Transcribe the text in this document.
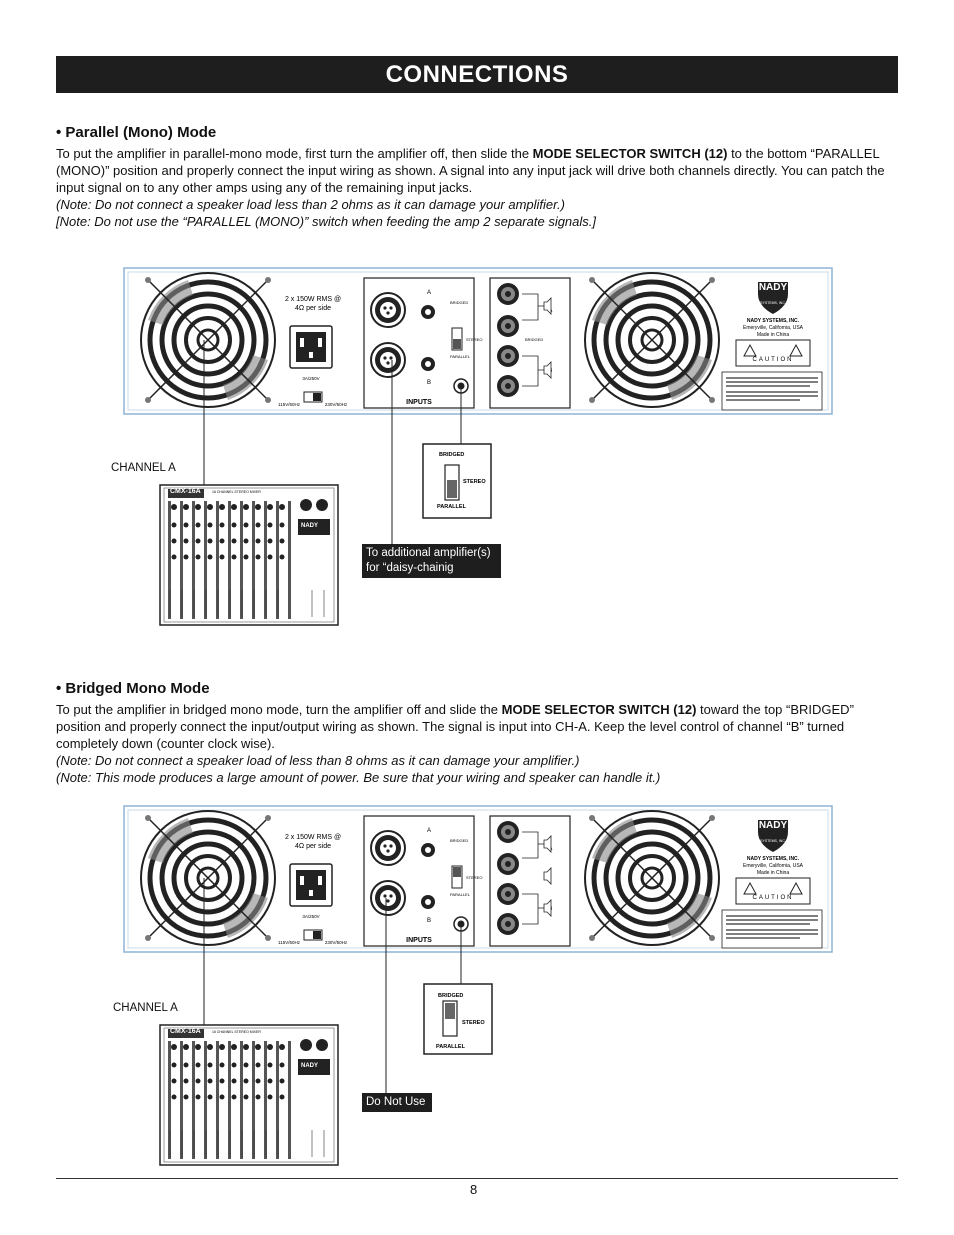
CONNECTIONS
• Parallel (Mono) Mode

To put the amplifier in parallel-mono mode, first turn the amplifier off, then slide the MODE SELECTOR SWITCH (12) to the bottom “PARALLEL (MONO)” position and properly connect the input wiring as shown. A signal into any input jack will drive both channels directly. You can patch the input signal on to any other amps using any of the remaining input jacks.

(Note: Do not connect a speaker load less than 2 ohms as it can damage your amplifier.)

[Note: Do not use the “PARALLEL (MONO)” switch when feeding the amp 2 separate signals.]

2 x 150W RMS @
4Ω per side
3A/250V
115V/60Hz	230V/50Hz
A
B
BRIDGED
STEREO
PARALLEL
INPUTS
BRIDGED
NADY
SYSTEMS, INC.
NADY SYSTEMS, INC.
Emeryville, California, USA
Made in China
CAUTION
BRIDGED
STEREO
PARALLEL
CMX-16A	16 CHANNEL STEREO MIXER
NADY
CHANNEL A
To additional amplifier(s)
for “daisy-chainig
• Bridged Mono Mode

To put the amplifier in bridged mono mode, turn the amplifier off and slide the MODE SELECTOR SWITCH (12) toward the top “BRIDGED” position and properly connect the input/output wiring as shown. The signal is input into CH-A. Keep the level control of channel “B” turned completely down (counter clock wise).

(Note: Do not connect a speaker load of less than 8 ohms as it can damage your amplifier.)

(Note: This mode produces a large amount of power. Be sure that your wiring and speaker can handle it.)

2 x 150W RMS @
4Ω per side
3A/250V
115V/60Hz	230V/50Hz
A
B
BRIDGED
STEREO
PARALLEL
INPUTS
NADY
SYSTEMS, INC.
NADY SYSTEMS, INC.
Emeryville, California, USA
Made in China
CAUTION
BRIDGED
STEREO
PARALLEL
CMX-16A	16 CHANNEL STEREO MIXER
NADY
CHANNEL A
Do Not Use
8
